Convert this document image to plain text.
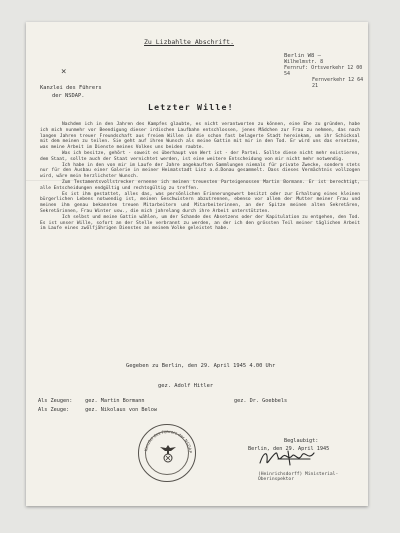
×
Zu Lizbahlte Abschrift.
Berlin W8 —
Wilhelmstr. 8
Fernruf: Ortsverkehr 12 00 54
Fernverkehr 12 64 21
Kanzlei des Führers
der NSDAP.
Letzter Wille!

Nachdem ich in den Jahren des Kampfes glaubte, es nicht verantworten zu können, eine Ehe zu gründen, habe ich mich nunmehr vor Beendigung dieser irdischen Laufbahn entschlossen, jenes Mädchen zur Frau zu nehmen, das nach langen Jahren treuer Freundschaft aus freiem Willen in die schon fast belagerte Stadt hereinkam, um ihr Schicksal mit dem meinen zu teilen. Sie geht auf ihren Wunsch als meine Gattin mit mir in den Tod. Er wird uns das ersetzen, was meine Arbeit im Dienste meines Volkes uns beiden raubte.

Was ich besitze, gehört - soweit es überhaupt von Wert ist - der Partei. Sollte diese nicht mehr existieren, dem Staat, sollte auch der Staat vernichtet werden, ist eine weitere Entscheidung von mir nicht mehr notwendig.

Ich habe in den von mir im Laufe der Jahre angekauften Sammlungen niemals für private Zwecke, sondern stets nur für den Ausbau einer Galerie in meiner Heimatstadt Linz a.d.Donau gesammelt. Dass dieses Vermächtnis vollzogen wird, wäre mein herzlichster Wunsch.

Zum Testamentsvollstrecker ernenne ich meinen treuesten Parteigenossen Martin Bormann. Er ist berechtigt, alle Entscheidungen endgültig und rechtsgültig zu treffen.

Es ist ihm gestattet, alles das, was persönlichen Erinnerungswert besitzt oder zur Erhaltung eines kleinen bürgerlichen Lebens notwendig ist, meinen Geschwistern abzutrennen, ebenso vor allem der Mutter meiner Frau und meinen ihm genau bekannten treuen Mitarbeitern und Mitarbeiterinnen, an der Spitze meinen alten Sekretären, Sekretärinnen, Frau Winter usw., die mich jahrelang durch ihre Arbeit unterstützten.

Ich selbst und meine Gattin wählen, um der Schande des Absetzens oder der Kapitulation zu entgehen, den Tod. Es ist unser Wille, sofort an der Stelle verbrannt zu werden, an der ich den grössten Teil meiner täglichen Arbeit im Laufe eines zwölfjährigen Dienstes an meinem Volke geleistet habe.

Gegeben zu Berlin, den 29. April 1945 4.00 Uhr
gez. Adolf Hitler
Als Zeugen: gez. Martin Bormann	gez. Dr. Goebbels
Als Zeuge:	gez. Nikolaus von Below
Kanzlei des Führers der NSDAP
Beglaubigt:
Berlin, den 29. April 1945
(Heinrichsdorff) Ministerial-Oberinspektor
